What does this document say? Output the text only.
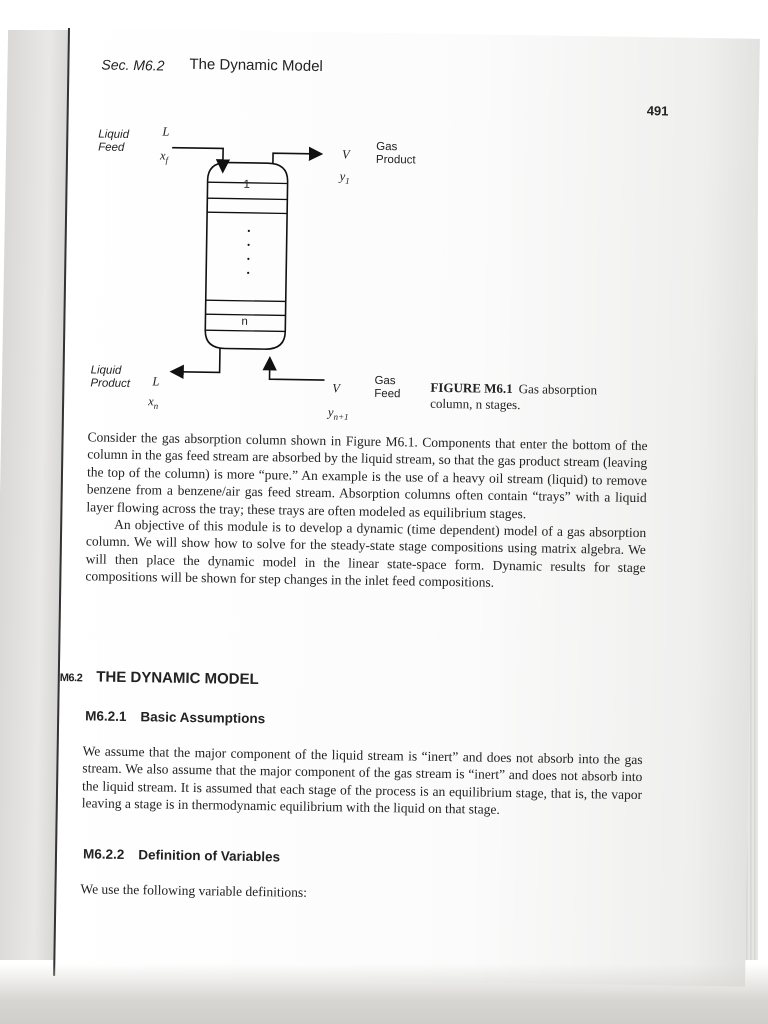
Sec. M6.2 The Dynamic Model
491
Liquid
Feed
L
$x_f$	V
Gas
Product
$y_1$
1
n
Liquid
Product L
$x_n$
V
Gas
Feed
$y_{n+1}$
FIGURE M6.1 Gas absorption column, n stages.

Consider the gas absorption column shown in Figure M6.1. Components that enter the bottom of the column in the gas feed stream are absorbed by the liquid stream, so that the gas product stream (leaving the top of the column) is more “pure.” An example is the use of a heavy oil stream (liquid) to remove benzene from a benzene/air gas feed stream. Absorption columns often contain “trays” with a liquid layer flowing across the tray; these trays are often modeled as equilibrium stages.

An objective of this module is to develop a dynamic (time dependent) model of a gas absorption column. We will show how to solve for the steady-state stage compositions using matrix algebra. We will then place the dynamic model in the linear state-space form. Dynamic results for stage compositions will be shown for step changes in the inlet feed compositions.

M6.2 THE DYNAMIC MODEL
M6.2.1 Basic Assumptions

We assume that the major component of the liquid stream is “inert” and does not absorb into the gas stream. We also assume that the major component of the gas stream is “inert” and does not absorb into the liquid stream. It is assumed that each stage of the process is an equilibrium stage, that is, the vapor leaving a stage is in thermodynamic equilibrium with the liquid on that stage.

M6.2.2 Definition of Variables

We use the following variable definitions:
